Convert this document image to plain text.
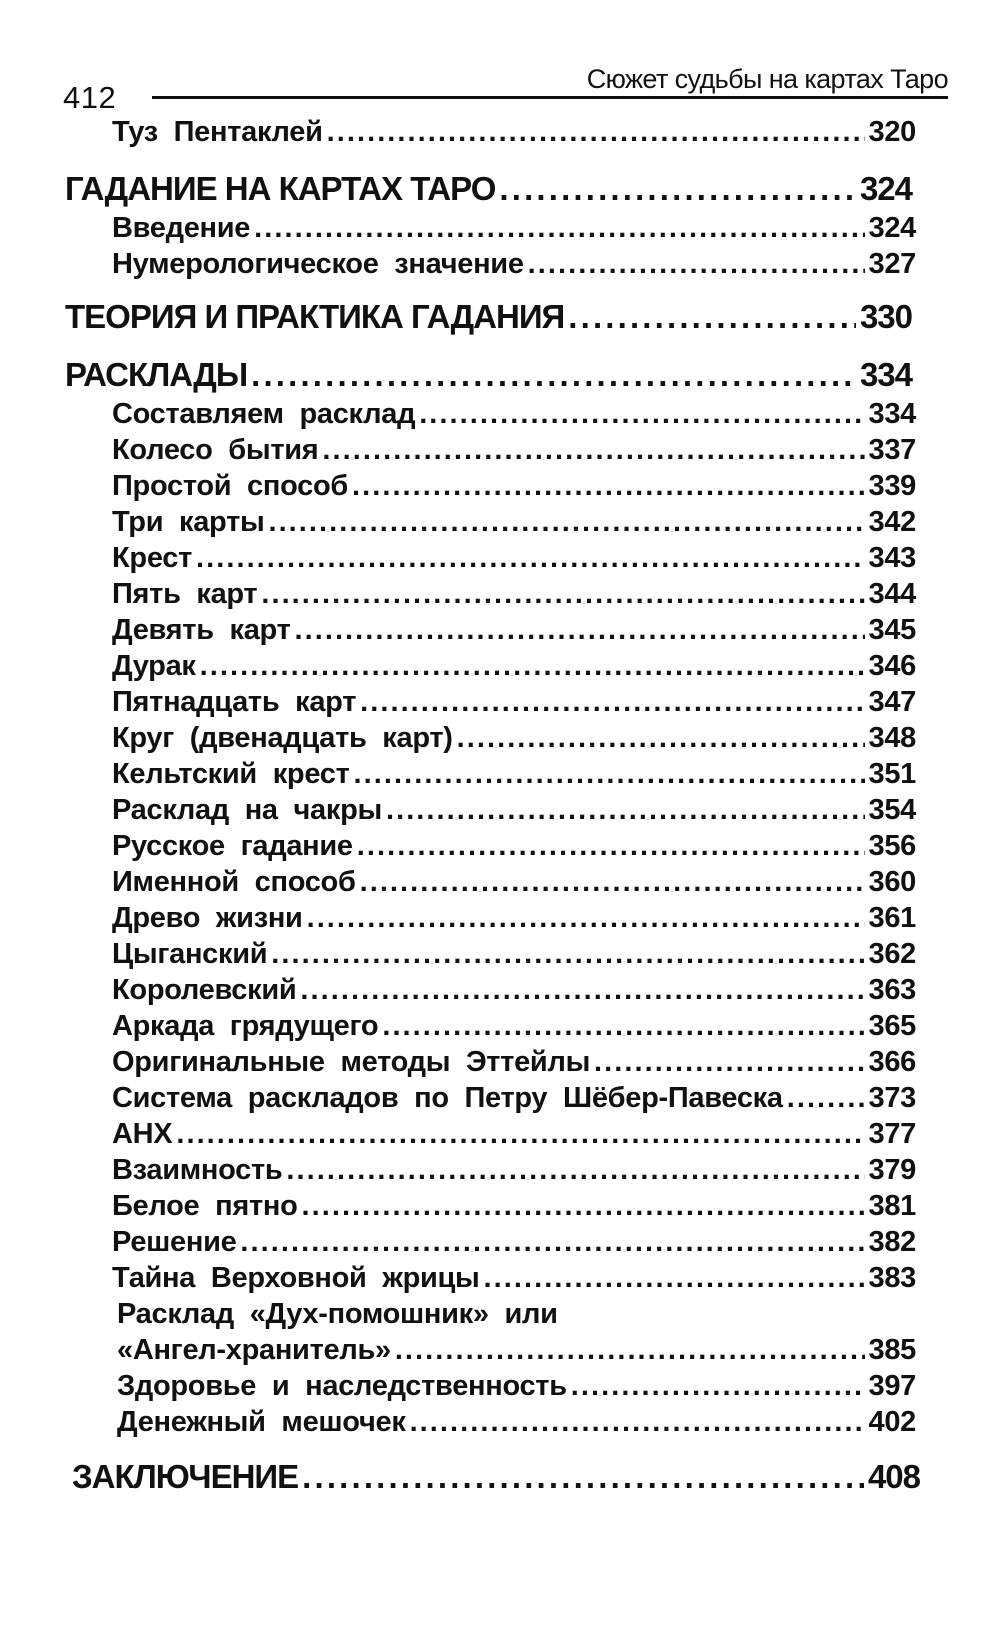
412
Сюжет судьбы на картах Таро
Туз Пентаклей . . .	320
ГАДАНИЕ НА КАРТАХ ТАРО . . .	324
Введение . . .	324
Нумерологическое значение . . .	327
ТЕОРИЯ И ПРАКТИКА ГАДАНИЯ . . .	330
РАСКЛАДЫ . . .	334
Составляем расклад . . .	334
Колесо бытия . . .	337
Простой способ . . .	339
Три карты . . .	342
Крест . . .	343
Пять карт . . .	344
Девять карт . . .	345
Дурак . . .	346
Пятнадцать карт . . .	347
Круг (двенадцать карт) . . .	348
Кельтский крест . . .	351
Расклад на чакры . . .	354
Русское гадание . . .	356
Именной способ . . .	360
Древо жизни . . .	361
Цыганский . . .	362
Королевский . . .	363
Аркада грядущего . . .	365
Оригинальные методы Эттейлы . . .	366
Система раскладов по Петру Шёбер-Павеска . . .	373
АНХ . . .	377
Взаимность . . .	379
Белое пятно . . .	381
Решение . . .	382
Тайна Верховной жрицы . . .	383
Расклад «Дух-помошник» или
«Ангел-хранитель» . . .	385
Здоровье и наследственность . . .	397
Денежный мешочек . . .	402
ЗАКЛЮЧЕНИЕ . . .	408
